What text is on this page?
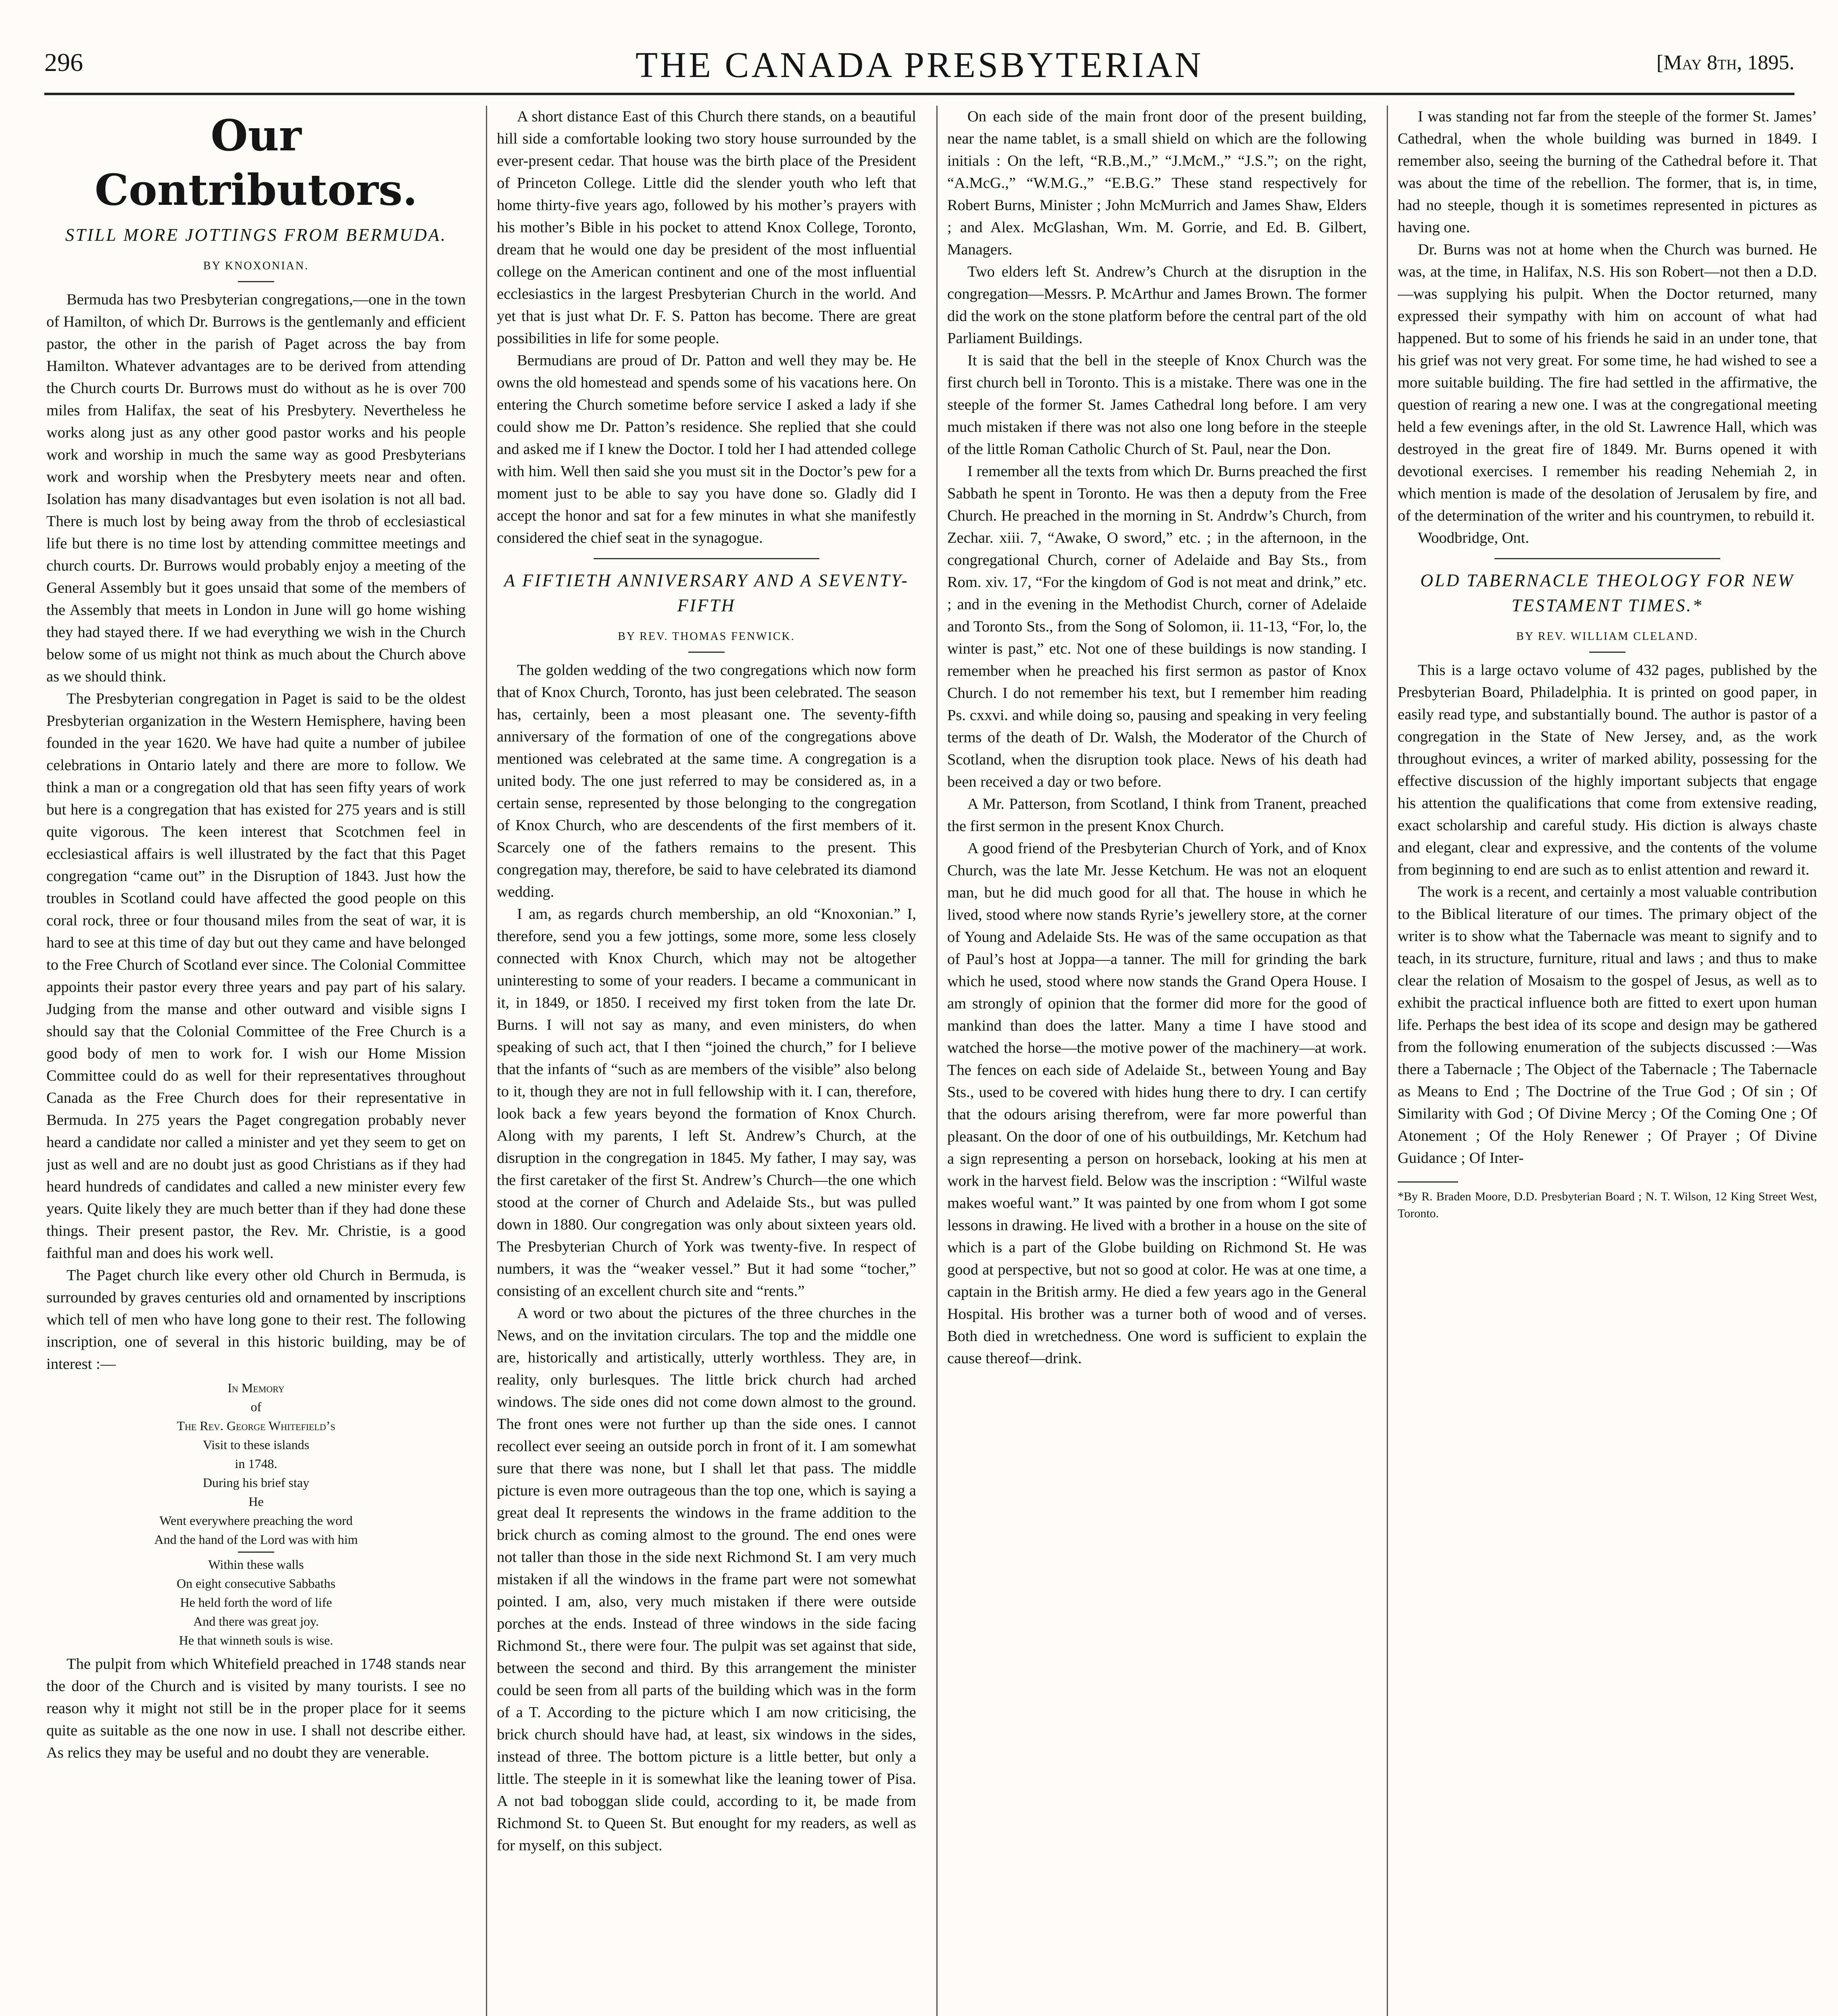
296	THE CANADA PRESBYTERIAN	[May 8th, 1895.
Our Contributors.
STILL MORE JOTTINGS FROM BERMUDA.
BY KNOXONIAN.

Bermuda has two Presbyterian congregations,—one in the town of Hamilton, of which Dr. Burrows is the gentlemanly and efficient pastor, the other in the parish of Paget across the bay from Hamilton. Whatever advantages are to be derived from attending the Church courts Dr. Burrows must do without as he is over 700 miles from Halifax, the seat of his Presbytery. Nevertheless he works along just as any other good pastor works and his people work and worship in much the same way as good Presbyterians work and worship when the Presbytery meets near and often. Isolation has many disadvantages but even isolation is not all bad. There is much lost by being away from the throb of ecclesiastical life but there is no time lost by attending committee meetings and church courts. Dr. Burrows would probably enjoy a meeting of the General Assembly but it goes unsaid that some of the members of the Assembly that meets in London in June will go home wishing they had stayed there. If we had everything we wish in the Church below some of us might not think as much about the Church above as we should think.

The Presbyterian congregation in Paget is said to be the oldest Presbyterian organization in the Western Hemisphere, having been founded in the year 1620. We have had quite a number of jubilee celebrations in Ontario lately and there are more to follow. We think a man or a congregation old that has seen fifty years of work but here is a congregation that has existed for 275 years and is still quite vigorous. The keen interest that Scotchmen feel in ecclesiastical affairs is well illustrated by the fact that this Paget congregation “came out” in the Disruption of 1843. Just how the troubles in Scotland could have affected the good people on this coral rock, three or four thousand miles from the seat of war, it is hard to see at this time of day but out they came and have belonged to the Free Church of Scotland ever since. The Colonial Committee appoints their pastor every three years and pay part of his salary. Judging from the manse and other outward and visible signs I should say that the Colonial Committee of the Free Church is a good body of men to work for. I wish our Home Mission Committee could do as well for their representatives throughout Canada as the Free Church does for their representative in Bermuda. In 275 years the Paget congregation probably never heard a candidate nor called a minister and yet they seem to get on just as well and are no doubt just as good Christians as if they had heard hundreds of candidates and called a new minister every few years. Quite likely they are much better than if they had done these things. Their present pastor, the Rev. Mr. Christie, is a good faithful man and does his work well.

The Paget church like every other old Church in Bermuda, is surrounded by graves centuries old and ornamented by inscriptions which tell of men who have long gone to their rest. The following inscription, one of several in this historic building, may be of interest :—

In Memory
of
The Rev. George Whitefield’s
Visit to these islands
in 1748.
During his brief stay
He
Went everywhere preaching the word
And the hand of the Lord was with him
Within these walls
On eight consecutive Sabbaths
He held forth the word of life
And there was great joy.
He that winneth souls is wise.

The pulpit from which Whitefield preached in 1748 stands near the door of the Church and is visited by many tourists. I see no reason why it might not still be in the proper place for it seems quite as suitable as the one now in use. I shall not describe either. As relics they may be useful and no doubt they are venerable.

A short distance East of this Church there stands, on a beautiful hill side a comfortable looking two story house surrounded by the ever-present cedar. That house was the birth place of the President of Princeton College. Little did the slender youth who left that home thirty-five years ago, followed by his mother’s prayers with his mother’s Bible in his pocket to attend Knox College, Toronto, dream that he would one day be president of the most influential college on the American continent and one of the most influential ecclesiastics in the largest Presbyterian Church in the world. And yet that is just what Dr. F. S. Patton has become. There are great possibilities in life for some people.

Bermudians are proud of Dr. Patton and well they may be. He owns the old homestead and spends some of his vacations here. On entering the Church sometime before service I asked a lady if she could show me Dr. Patton’s residence. She replied that she could and asked me if I knew the Doctor. I told her I had attended college with him. Well then said she you must sit in the Doctor’s pew for a moment just to be able to say you have done so. Gladly did I accept the honor and sat for a few minutes in what she manifestly considered the chief seat in the synagogue.

A FIFTIETH ANNIVERSARY AND A SEVENTY-FIFTH
BY REV. THOMAS FENWICK.

The golden wedding of the two congregations which now form that of Knox Church, Toronto, has just been celebrated. The season has, certainly, been a most pleasant one. The seventy-fifth anniversary of the formation of one of the congregations above mentioned was celebrated at the same time. A congregation is a united body. The one just referred to may be considered as, in a certain sense, represented by those belonging to the congregation of Knox Church, who are descendents of the first members of it. Scarcely one of the fathers remains to the present. This congregation may, therefore, be said to have celebrated its diamond wedding.

I am, as regards church membership, an old “Knoxonian.” I, therefore, send you a few jottings, some more, some less closely connected with Knox Church, which may not be altogether uninteresting to some of your readers. I became a communicant in it, in 1849, or 1850. I received my first token from the late Dr. Burns. I will not say as many, and even ministers, do when speaking of such act, that I then “joined the church,” for I believe that the infants of “such as are members of the visible” also belong to it, though they are not in full fellowship with it. I can, therefore, look back a few years beyond the formation of Knox Church. Along with my parents, I left St. Andrew’s Church, at the disruption in the congregation in 1845. My father, I may say, was the first caretaker of the first St. Andrew’s Church—the one which stood at the corner of Church and Adelaide Sts., but was pulled down in 1880. Our congregation was only about sixteen years old. The Presbyterian Church of York was twenty-five. In respect of numbers, it was the “weaker vessel.” But it had some “tocher,” consisting of an excellent church site and “rents.”

A word or two about the pictures of the three churches in the News, and on the invitation circulars. The top and the middle one are, historically and artistically, utterly worthless. They are, in reality, only burlesques. The little brick church had arched windows. The side ones did not come down almost to the ground. The front ones were not further up than the side ones. I cannot recollect ever seeing an outside porch in front of it. I am somewhat sure that there was none, but I shall let that pass. The middle picture is even more outrageous than the top one, which is saying a great deal It represents the windows in the frame addition to the brick church as coming almost to the ground. The end ones were not taller than those in the side next Richmond St. I am very much mistaken if all the windows in the frame part were not somewhat pointed. I am, also, very much mistaken if there were outside porches at the ends. Instead of three windows in the side facing Richmond St., there were four. The pulpit was set against that side, between the second and third. By this arrangement the minister could be seen from all parts of the building which was in the form of a T. According to the picture which I am now criticising, the brick church should have had, at least, six windows in the sides, instead of three. The bottom picture is a little better, but only a little. The steeple in it is somewhat like the leaning tower of Pisa. A not bad toboggan slide could, according to it, be made from Richmond St. to Queen St. But enought for my readers, as well as for myself, on this subject.

On each side of the main front door of the present building, near the name tablet, is a small shield on which are the following initials : On the left, “R.B.,M.,” “J.McM.,” “J.S.”; on the right, “A.McG.,” “W.M.G.,” “E.B.G.” These stand respectively for Robert Burns, Minister ; John McMurrich and James Shaw, Elders ; and Alex. McGlashan, Wm. M. Gorrie, and Ed. B. Gilbert, Managers.

Two elders left St. Andrew’s Church at the disruption in the congregation—Messrs. P. McArthur and James Brown. The former did the work on the stone platform before the central part of the old Parliament Buildings.

It is said that the bell in the steeple of Knox Church was the first church bell in Toronto. This is a mistake. There was one in the steeple of the former St. James Cathedral long before. I am very much mistaken if there was not also one long before in the steeple of the little Roman Catholic Church of St. Paul, near the Don.

I remember all the texts from which Dr. Burns preached the first Sabbath he spent in Toronto. He was then a deputy from the Free Church. He preached in the morning in St. Andrdw’s Church, from Zechar. xiii. 7, “Awake, O sword,” etc. ; in the afternoon, in the congregational Church, corner of Adelaide and Bay Sts., from Rom. xiv. 17, “For the kingdom of God is not meat and drink,” etc. ; and in the evening in the Methodist Church, corner of Adelaide and Toronto Sts., from the Song of Solomon, ii. 11-13, “For, lo, the winter is past,” etc. Not one of these buildings is now standing. I remember when he preached his first sermon as pastor of Knox Church. I do not remember his text, but I remember him reading Ps. cxxvi. and while doing so, pausing and speaking in very feeling terms of the death of Dr. Walsh, the Moderator of the Church of Scotland, when the disruption took place. News of his death had been received a day or two before.

A Mr. Patterson, from Scotland, I think from Tranent, preached the first sermon in the present Knox Church.

A good friend of the Presbyterian Church of York, and of Knox Church, was the late Mr. Jesse Ketchum. He was not an eloquent man, but he did much good for all that. The house in which he lived, stood where now stands Ryrie’s jewellery store, at the corner of Young and Adelaide Sts. He was of the same occupation as that of Paul’s host at Joppa—a tanner. The mill for grinding the bark which he used, stood where now stands the Grand Opera House. I am strongly of opinion that the former did more for the good of mankind than does the latter. Many a time I have stood and watched the horse—the motive power of the machinery—at work. The fences on each side of Adelaide St., between Young and Bay Sts., used to be covered with hides hung there to dry. I can certify that the odours arising therefrom, were far more powerful than pleasant. On the door of one of his outbuildings, Mr. Ketchum had a sign representing a person on horseback, looking at his men at work in the harvest field. Below was the inscription : “Wilful waste makes woeful want.” It was painted by one from whom I got some lessons in drawing. He lived with a brother in a house on the site of which is a part of the Globe building on Richmond St. He was good at perspective, but not so good at color. He was at one time, a captain in the British army. He died a few years ago in the General Hospital. His brother was a turner both of wood and of verses. Both died in wretchedness. One word is sufficient to explain the cause thereof—drink.

I was standing not far from the steeple of the former St. James’ Cathedral, when the whole building was burned in 1849. I remember also, seeing the burning of the Cathedral before it. That was about the time of the rebellion. The former, that is, in time, had no steeple, though it is sometimes represented in pictures as having one.

Dr. Burns was not at home when the Church was burned. He was, at the time, in Halifax, N.S. His son Robert—not then a D.D.—was supplying his pulpit. When the Doctor returned, many expressed their sympathy with him on account of what had happened. But to some of his friends he said in an under tone, that his grief was not very great. For some time, he had wished to see a more suitable building. The fire had settled in the affirmative, the question of rearing a new one. I was at the congregational meeting held a few evenings after, in the old St. Lawrence Hall, which was destroyed in the great fire of 1849. Mr. Burns opened it with devotional exercises. I remember his reading Nehemiah 2, in which mention is made of the desolation of Jerusalem by fire, and of the determination of the writer and his countrymen, to rebuild it.

Woodbridge, Ont.

OLD TABERNACLE THEOLOGY FOR NEW TESTAMENT TIMES.*
BY REV. WILLIAM CLELAND.

This is a large octavo volume of 432 pages, published by the Presbyterian Board, Philadelphia. It is printed on good paper, in easily read type, and substantially bound. The author is pastor of a congregation in the State of New Jersey, and, as the work throughout evinces, a writer of marked ability, possessing for the effective discussion of the highly important subjects that engage his attention the qualifications that come from extensive reading, exact scholarship and careful study. His diction is always chaste and elegant, clear and expressive, and the contents of the volume from beginning to end are such as to enlist attention and reward it.

The work is a recent, and certainly a most valuable contribution to the Biblical literature of our times. The primary object of the writer is to show what the Tabernacle was meant to signify and to teach, in its structure, furniture, ritual and laws ; and thus to make clear the relation of Mosaism to the gospel of Jesus, as well as to exhibit the practical influence both are fitted to exert upon human life. Perhaps the best idea of its scope and design may be gathered from the following enumeration of the subjects discussed :—Was there a Tabernacle ; The Object of the Tabernacle ; The Tabernacle as Means to End ; The Doctrine of the True God ; Of sin ; Of Similarity with God ; Of Divine Mercy ; Of the Coming One ; Of Atonement ; Of the Holy Renewer ; Of Prayer ; Of Divine Guidance ; Of Inter-

*By R. Braden Moore, D.D. Presbyterian Board ; N. T. Wilson, 12 King Street West, Toronto.
